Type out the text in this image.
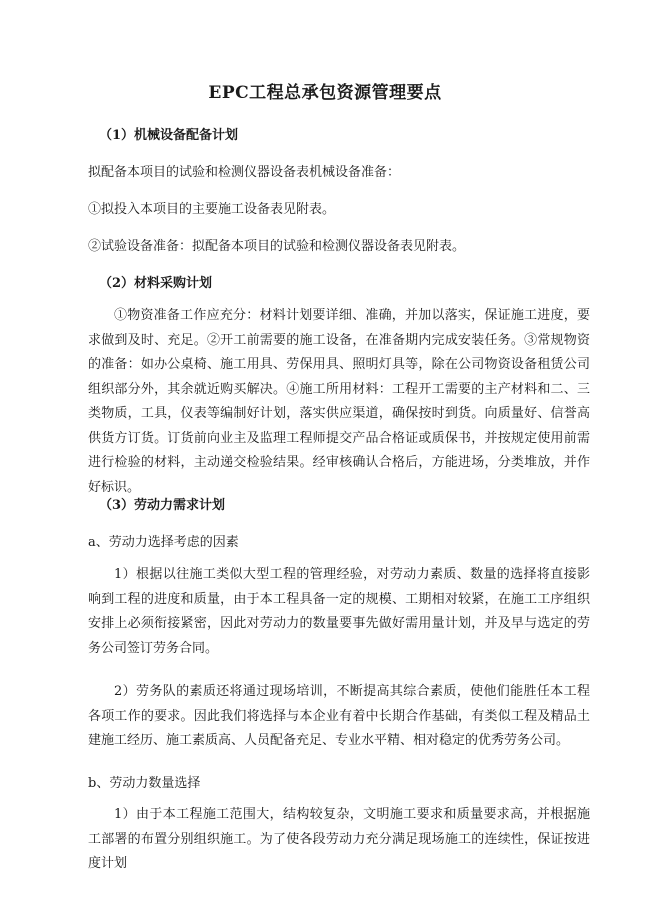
EPC工程总承包资源管理要点
（1）机械设备配备计划
拟配备本项目的试验和检测仪器设备表机械设备准备：
①拟投入本项目的主要施工设备表见附表。
②试验设备准备：拟配备本项目的试验和检测仪器设备表见附表。
（2）材料采购计划
①物资准备工作应充分：材料计划要详细、准确，并加以落实，保证施工进度，要求做到及时、充足。②开工前需要的施工设备，在准备期内完成安装任务。③常规物资的准备：如办公桌椅、施工用具、劳保用具、照明灯具等，除在公司物资设备租赁公司组织部分外，其余就近购买解决。④施工所用材料：工程开工需要的主产材料和二、三类物质，工具，仪表等编制好计划，落实供应渠道，确保按时到货。向质量好、信誉高供货方订货。订货前向业主及监理工程师提交产品合格证或质保书，并按规定使用前需进行检验的材料，主动递交检验结果。经审核确认合格后，方能进场，分类堆放，并作好标识。
（3）劳动力需求计划
a、劳动力选择考虑的因素
1）根据以往施工类似大型工程的管理经验，对劳动力素质、数量的选择将直接影响到工程的进度和质量，由于本工程具备一定的规模、工期相对较紧，在施工工序组织安排上必须衔接紧密，因此对劳动力的数量要事先做好需用量计划，并及早与选定的劳务公司签订劳务合同。
2）劳务队的素质还将通过现场培训，不断提高其综合素质，使他们能胜任本工程各项工作的要求。因此我们将选择与本企业有着中长期合作基础，有类似工程及精品土建施工经历、施工素质高、人员配备充足、专业水平精、相对稳定的优秀劳务公司。
b、劳动力数量选择
1）由于本工程施工范围大，结构较复杂，文明施工要求和质量要求高，并根据施工部署的布置分别组织施工。为了使各段劳动力充分满足现场施工的连续性，保证按进度计划
